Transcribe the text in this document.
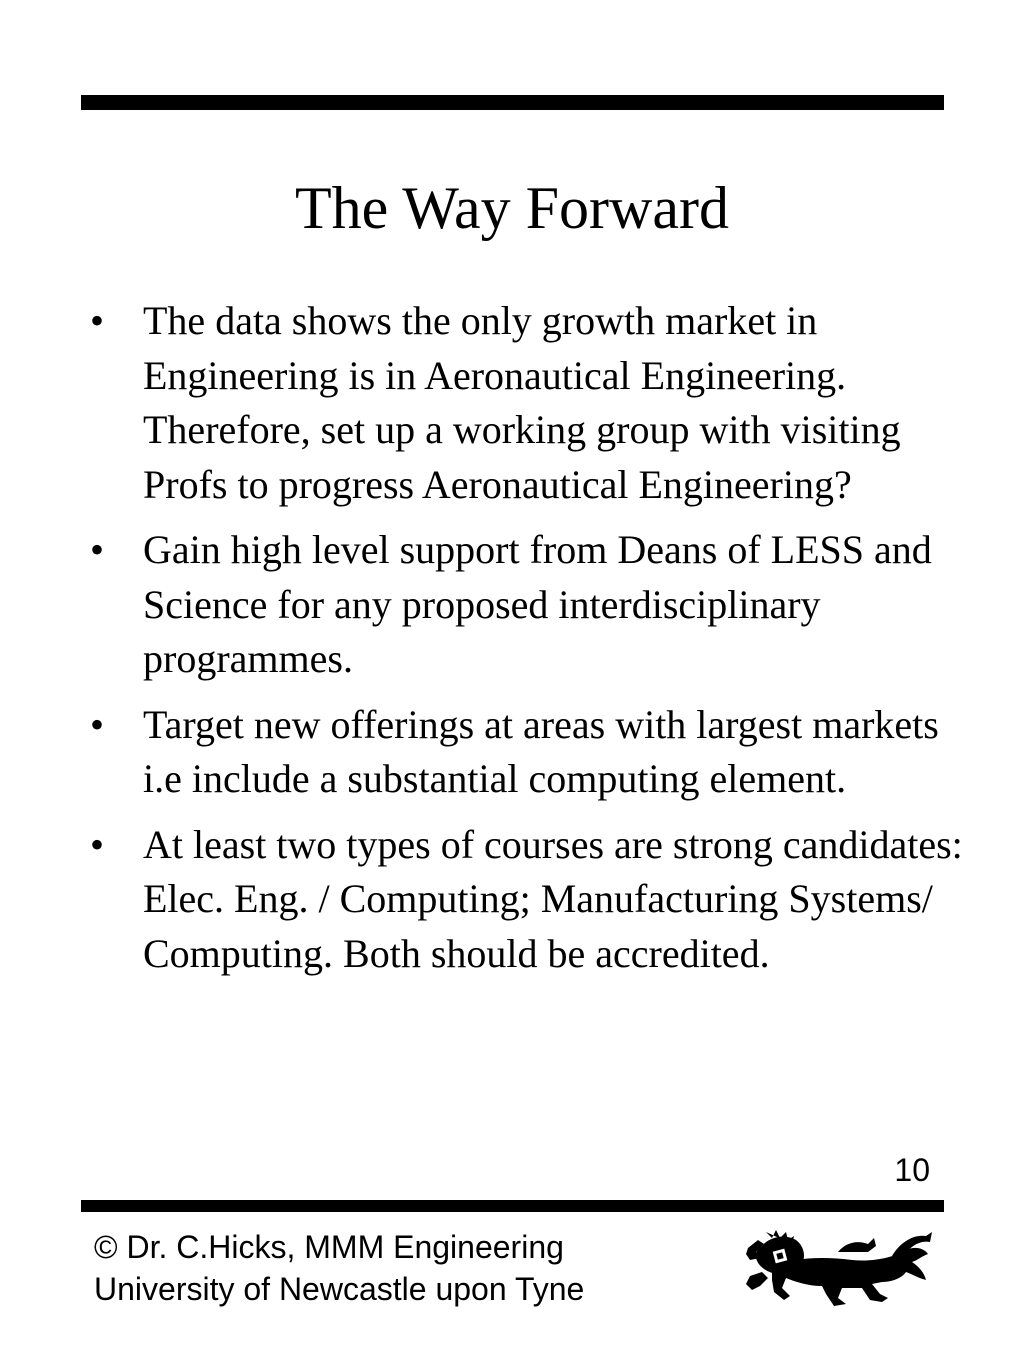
The Way Forward
• The data shows the only growth market in Engineering is in Aeronautical Engineering. Therefore, set up a working group with visiting Profs to progress Aeronautical Engineering?
• Gain high level support from Deans of LESS and Science for any proposed interdisciplinary programmes.
• Target new offerings at areas with largest markets i.e include a substantial computing element.
• At least two types of courses are strong candidates: Elec. Eng. / Computing; Manufacturing Systems/ Computing. Both should be accredited.
10
© Dr. C.Hicks, MMM Engineering
University of Newcastle upon Tyne
